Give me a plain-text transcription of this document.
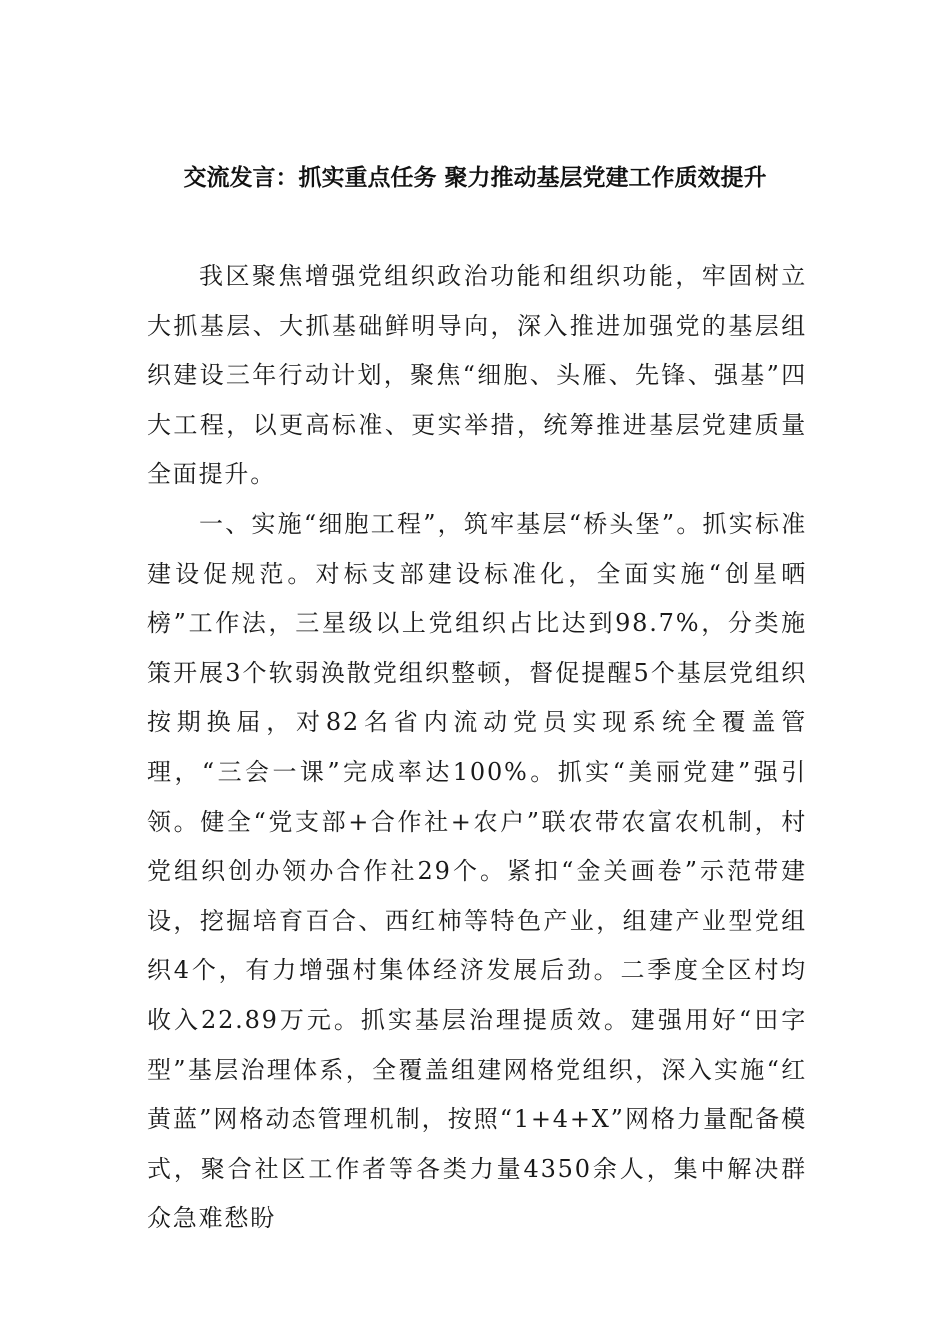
交流发言：抓实重点任务 聚力推动基层党建工作质效提升

我区聚焦增强党组织政治功能和组织功能，牢固树立大抓基层、大抓基础鲜明导向，深入推进加强党的基层组织建设三年行动计划，聚焦“细胞、头雁、先锋、强基”四大工程，以更高标准、更实举措，统筹推进基层党建质量全面提升。

一、实施“细胞工程”，筑牢基层“桥头堡”。抓实标准建设促规范。对标支部建设标准化，全面实施“创星晒榜”工作法，三星级以上党组织占比达到98.7%，分类施策开展3个软弱涣散党组织整顿，督促提醒5个基层党组织按期换届，对82名省内流动党员实现系统全覆盖管理，“三会一课”完成率达100%。抓实“美丽党建”强引领。健全“党支部+合作社+农户”联农带农富农机制，村党组织创办领办合作社29个。紧扣“金关画卷”示范带建设，挖掘培育百合、西红柿等特色产业，组建产业型党组织4个，有力增强村集体经济发展后劲。二季度全区村均收入22.89万元。抓实基层治理提质效。建强用好“田字型”基层治理体系，全覆盖组建网格党组织，深入实施“红黄蓝”网格动态管理机制，按照“1+4+X”网格力量配备模式，聚合社区工作者等各类力量4350余人，集中解决群众急难愁盼
